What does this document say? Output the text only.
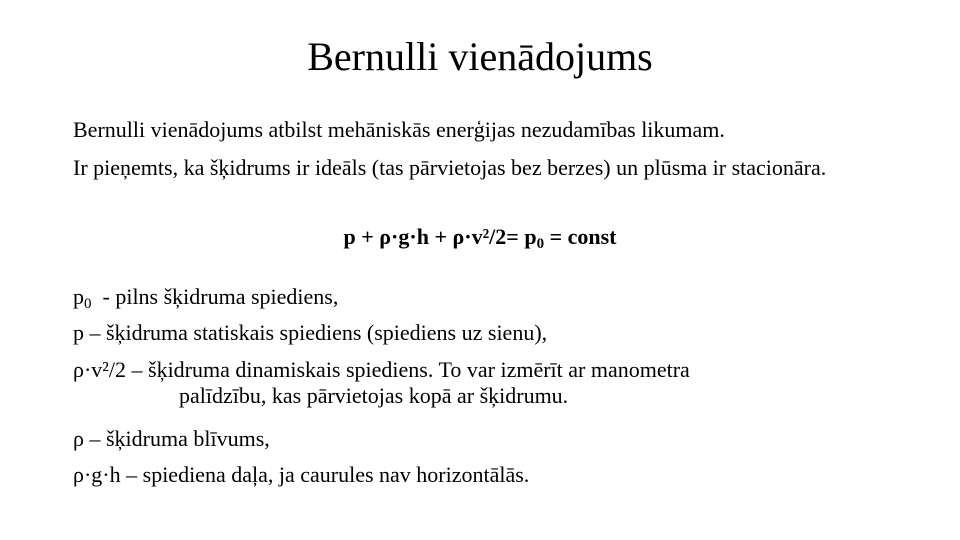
Bernulli vienādojums

Bernulli vienādojums atbilst mehāniskās enerģijas nezudamības likumam.

Ir pieņemts, ka šķidrums ir ideāls (tas pārvietojas bez berzes) un plūsma ir stacionāra.

$p + \rho\cdot g\cdot h + \rho\cdot v^2/2= p_0$ = const
$p_0$  - pilns šķidruma spiediens,
p – šķidruma statiskais spiediens (spiediens uz sienu),
ρ·v²/2 – šķidruma dinamiskais spiediens. To var izmērīt ar manometra
palīdzību, kas pārvietojas kopā ar šķidrumu.
ρ – šķidruma blīvums,
ρ·g·h – spiediena daļa, ja caurules nav horizontālās.
